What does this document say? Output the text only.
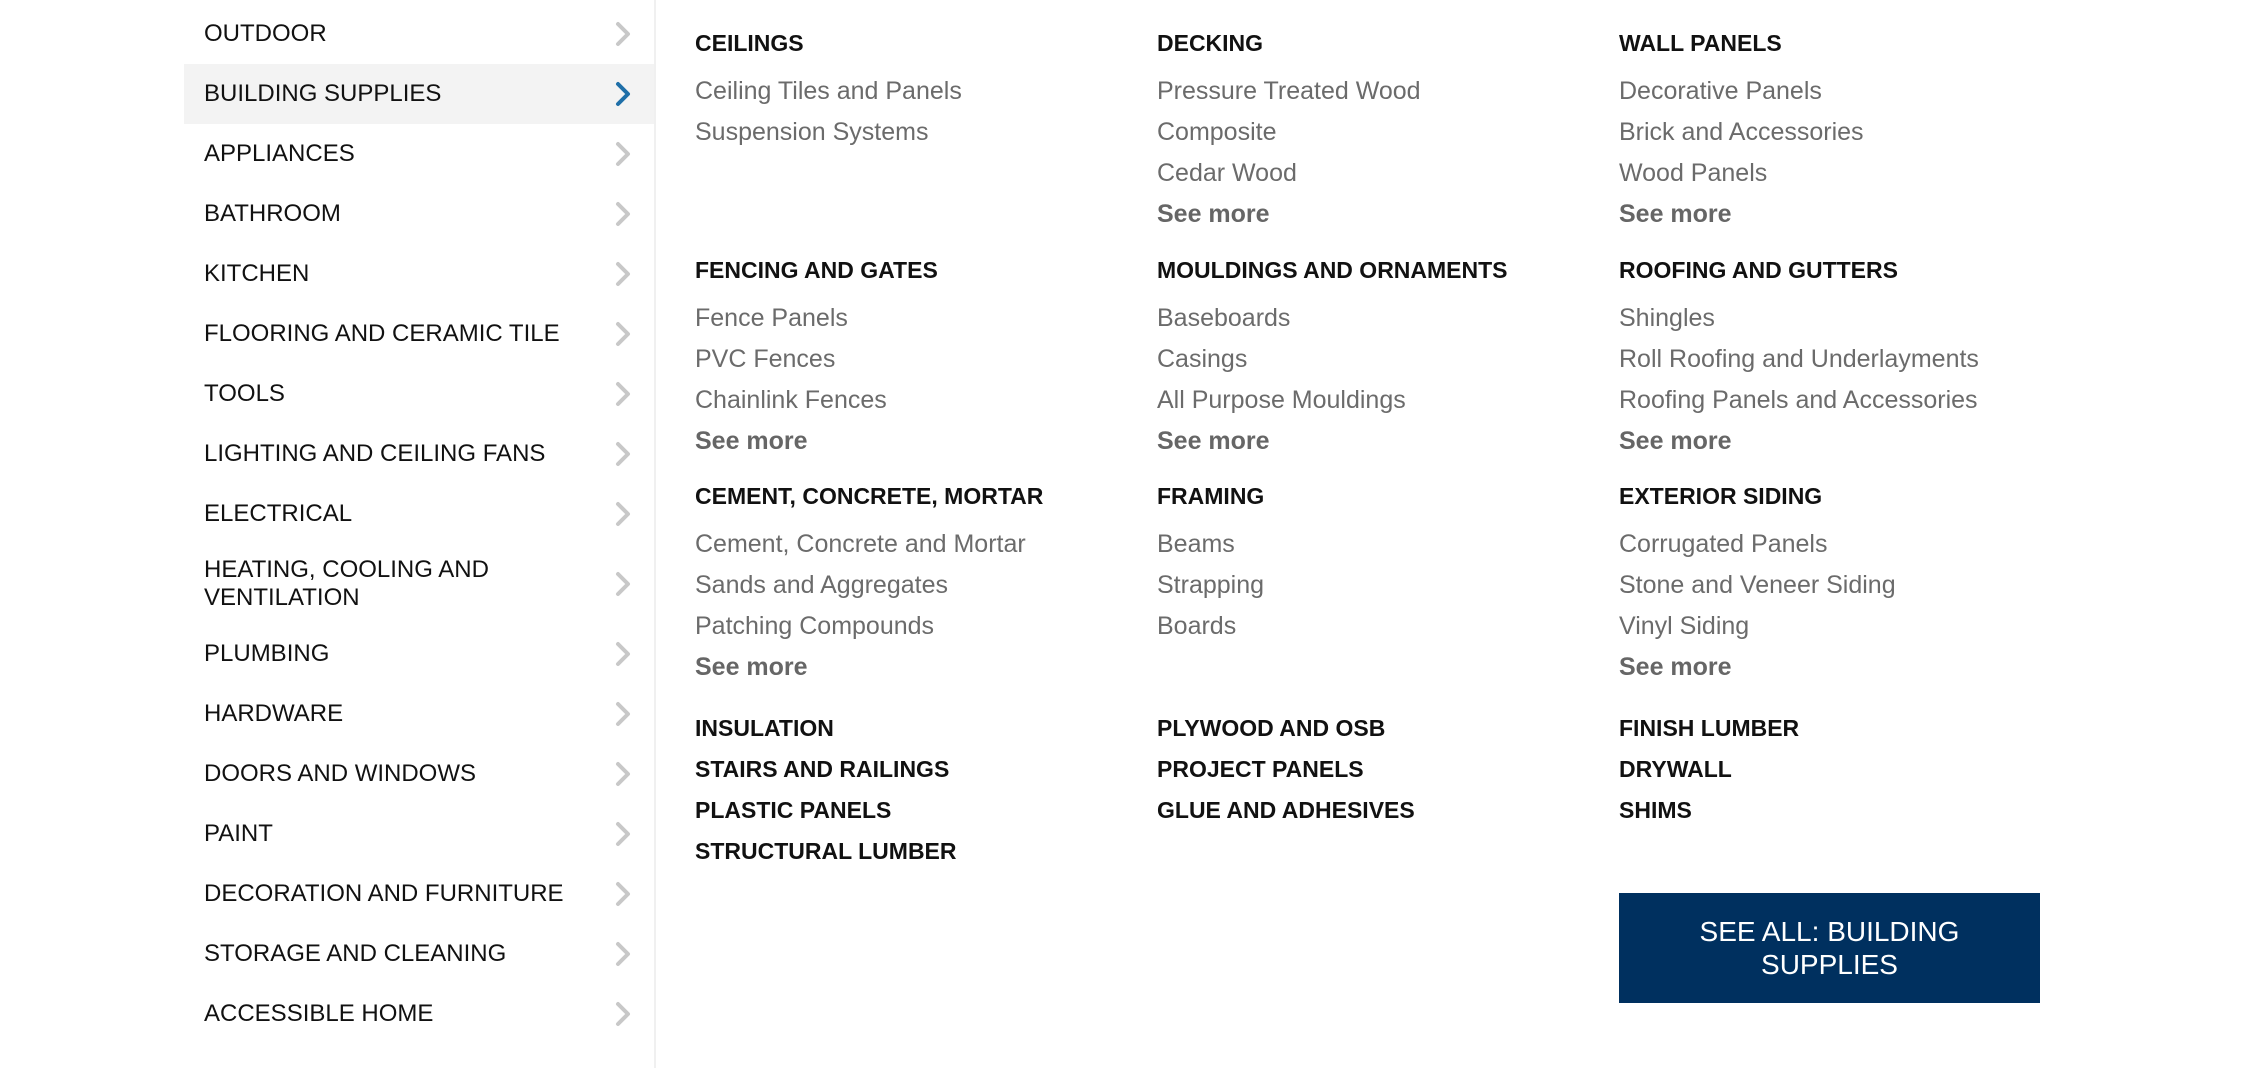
OUTDOOR
BUILDING SUPPLIES
APPLIANCES
BATHROOM
KITCHEN
FLOORING AND CERAMIC TILE
TOOLS
LIGHTING AND CEILING FANS
ELECTRICAL
HEATING, COOLING AND VENTILATION
PLUMBING
HARDWARE
DOORS AND WINDOWS
PAINT
DECORATION AND FURNITURE
STORAGE AND CLEANING
ACCESSIBLE HOME
CEILINGS
Ceiling Tiles and Panels
Suspension Systems
FENCING AND GATES
Fence Panels
PVC Fences
Chainlink Fences
See more
CEMENT, CONCRETE, MORTAR
Cement, Concrete and Mortar
Sands and Aggregates
Patching Compounds
See more
INSULATION
STAIRS AND RAILINGS
PLASTIC PANELS
STRUCTURAL LUMBER
DECKING
Pressure Treated Wood
Composite
Cedar Wood
See more
MOULDINGS AND ORNAMENTS
Baseboards
Casings
All Purpose Mouldings
See more
FRAMING
Beams
Strapping
Boards
PLYWOOD AND OSB
PROJECT PANELS
GLUE AND ADHESIVES
WALL PANELS
Decorative Panels
Brick and Accessories
Wood Panels
See more
ROOFING AND GUTTERS
Shingles
Roll Roofing and Underlayments
Roofing Panels and Accessories
See more
EXTERIOR SIDING
Corrugated Panels
Stone and Veneer Siding
Vinyl Siding
See more
FINISH LUMBER
DRYWALL
SHIMS
SEE ALL: BUILDING SUPPLIES
